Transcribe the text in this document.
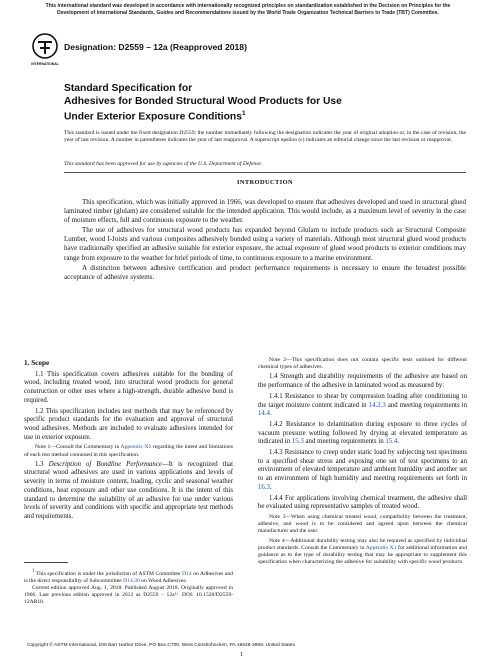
This international standard was developed in accordance with internationally recognized principles on standardization established in the Decision on Principles for the Development of International Standards, Guides and Recommendations issued by the World Trade Organization Technical Barriers to Trade (TBT) Committee.
INTERNATIONAL
Designation: D2559 – 12a (Reapproved 2018)
Standard Specification for
Adhesives for Bonded Structural Wood Products for Use
Under Exterior Exposure Conditions$^1$
This standard is issued under the fixed designation D2559; the number immediately following the designation indicates the year of original adoption or, in the case of revision, the year of last revision. A number in parentheses indicates the year of last reapproval. A superscript epsilon (ε) indicates an editorial change since the last revision or reapproval.
This standard has been approved for use by agencies of the U.S. Department of Defense.
INTRODUCTION

This specification, which was initially approved in 1966, was developed to ensure that adhesives developed and used in structural glued laminated timber (glulam) are considered suitable for the intended application. This would include, as a maximum level of severity in the case of moisture effects, full and continuous exposure to the weather.

The use of adhesives for structural wood products has expanded beyond Glulam to include products such as Structural Composite Lumber, wood I-Joists and various composites adhesively bonded using a variety of materials. Although most structural glued wood products have traditionally specified an adhesive suitable for exterior exposure, the actual exposure of glued wood products to exterior conditions may range from exposure to the weather for brief periods of time, to continuous exposure to a marine environment.

A distinction between adhesive certification and product performance requirements is necessary to ensure the broadest possible acceptance of adhesive systems.

1. Scope

1.1 This specification covers adhesives suitable for the bonding of wood, including treated wood, into structural wood products for general construction or other uses where a high-strength, durable adhesive bond is required.

1.2 This specification includes test methods that may be referenced by specific product standards for the evaluation and approval of structural wood adhesives. Methods are included to evaluate adhesives intended for use in exterior exposure.

Note 1—Consult the Commentary in Appendix X1 regarding the intent and limitations of each test method contained in this specification.

1.3 Description of Bondline Performance—It is recognized that structural wood adhesives are used in various applications and levels of severity in terms of moisture content, loading, cyclic and seasonal weather conditions, heat exposure and other use conditions. It is the intent of this standard to determine the suitability of an adhesive for use under various levels of severity and conditions with specific and appropriate test methods and requirements.

Note 2—This specification does not contain specific tests outlined for different chemical types of adhesives.

1.4 Strength and durability requirements of the adhesive are based on the performance of the adhesive in laminated wood as measured by:

1.4.1 Resistance to shear by compression loading after conditioning to the target moisture content indicated in 14.2.3 and meeting requirements in 14.4.

1.4.2 Resistance to delamination during exposure to three cycles of vacuum pressure wetting followed by drying at elevated temperature as indicated in 15.3 and meeting requirements in 15.4.

1.4.3 Resistance to creep under static load by subjecting test specimens to a specified shear stress and exposing one set of test specimens to an environment of elevated temperature and ambient humidity and another set to an environment of high humidity and meeting requirements set forth in 16.3.

1.4.4 For applications involving chemical treatment, the adhesive shall be evaluated using representative samples of treated wood.

Note 3—When using chemical treated wood, compatibility between the treatment, adhesive, and wood is to be considered and agreed upon between the chemical manufacturer and the user.

Note 4—Additional durability testing may also be required as specified by individual product standards. Consult the Commentary in Appendix X1 for additional information and guidance as to the type of durability testing that may be appropriate to supplement this specification when characterizing the adhesive for suitability with specific wood products.

$^1$ This specification is under the jurisdiction of ASTM Committee D14 on Adhesives and is the direct responsibility of Subcommittee D14.30 on Wood Adhesives.

Current edition approved Aug. 1, 2018. Published August 2018. Originally approved in 1966. Last previous edition approved in 2012 as D2559 – 12a¹¹. DOI: 10.1520/D2559-12AR18.

Copyright © ASTM International, 100 Barr Harbor Drive, PO Box C700, West Conshohocken, PA 19428-2959. United States
1
